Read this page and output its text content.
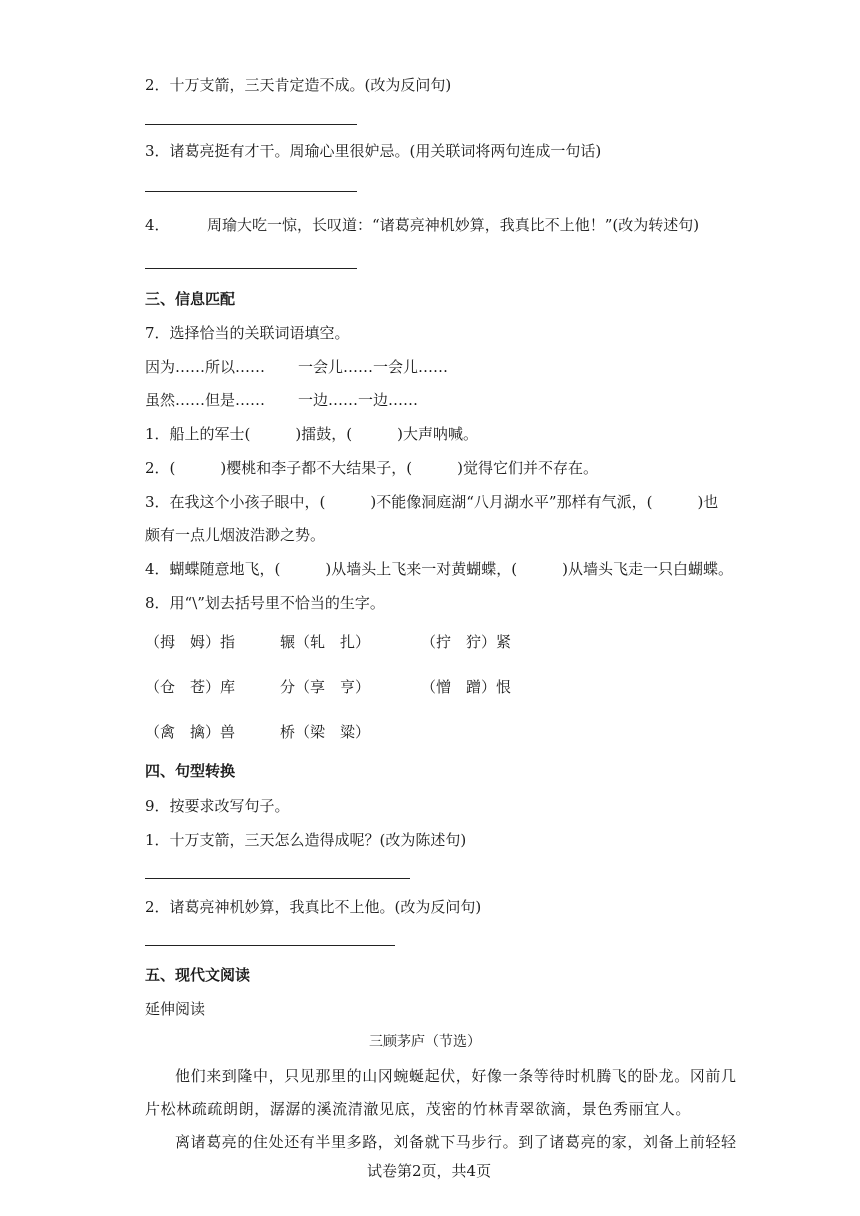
2．十万支箭，三天肯定造不成。(改为反问句)
3．诸葛亮挺有才干。周瑜心里很妒忌。(用关联词将两句连成一句话)
4．　　　周瑜大吃一惊，长叹道：“诸葛亮神机妙算，我真比不上他！”(改为转述句)
三、信息匹配
7．选择恰当的关联词语填空。
因为……所以…… 一会儿……一会儿……
虽然……但是…… 一边……一边……
1．船上的军士(　　　)擂鼓，(　　　)大声呐喊。
2．(　　　)樱桃和李子都不大结果子，(　　　)觉得它们并不存在。
3．在我这个小孩子眼中，(　　　)不能像洞庭湖“八月湖水平”那样有气派，(　　　)也
颇有一点儿烟波浩渺之势。
4．蝴蝶随意地飞，(　　　)从墙头上飞来一对黄蝴蝶，(　　　)从墙头飞走一只白蝴蝶。
8．用“\”划去括号里不恰当的生字。
（拇　姆）指	辗（轧　扎）	（拧　狞）紧
（仓　苍）库	分（享　亨）	（憎　蹭）恨
（禽　擒）兽	桥（梁　粱）
四、句型转换
9．按要求改写句子。
1．十万支箭，三天怎么造得成呢？(改为陈述句)
2．诸葛亮神机妙算，我真比不上他。(改为反问句)
五、现代文阅读
延伸阅读
三顾茅庐（节选）
他们来到隆中，只见那里的山冈蜿蜒起伏，好像一条等待时机腾飞的卧龙。冈前几
片松林疏疏朗朗，潺潺的溪流清澈见底，茂密的竹林青翠欲滴，景色秀丽宜人。
离诸葛亮的住处还有半里多路，刘备就下马步行。到了诸葛亮的家，刘备上前轻轻
试卷第2页，共4页
